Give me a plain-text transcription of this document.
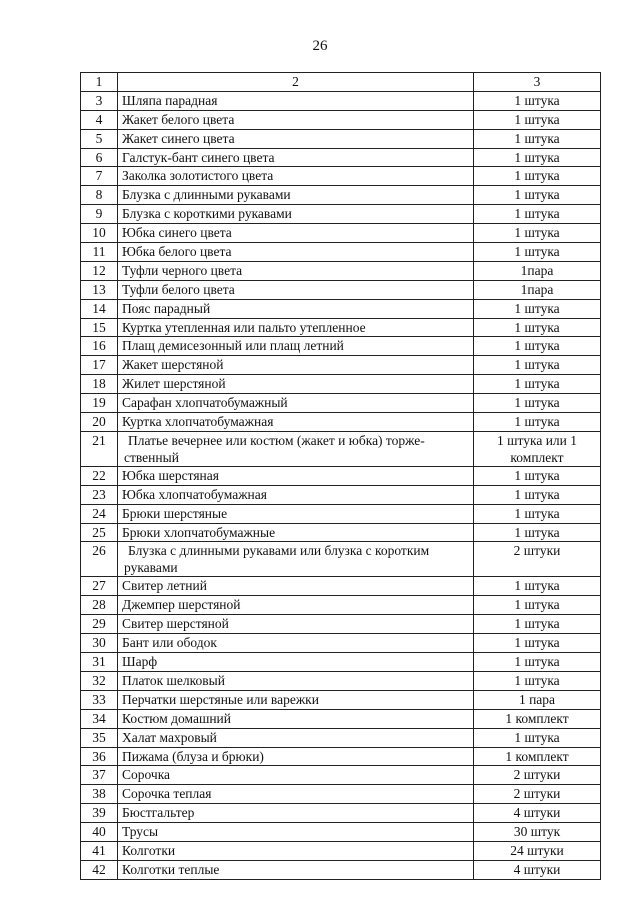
26
1	2	3
3	Шляпа парадная	1 штука
4	Жакет белого цвета	1 штука
5	Жакет синего цвета	1 штука
6	Галстук-бант синего цвета	1 штука
7	Заколка золотистого цвета	1 штука
8	Блузка с длинными рукавами	1 штука
9	Блузка с короткими рукавами	1 штука
10	Юбка синего цвета	1 штука
11	Юбка белого цвета	1 штука
12	Туфли черного цвета	1пара
13	Туфли белого цвета	1пара
14	Пояс парадный	1 штука
15	Куртка утепленная или пальто утепленное	1 штука
16	Плащ демисезонный или плащ летний	1 штука
17	Жакет шерстяной	1 штука
18	Жилет шерстяной	1 штука
19	Сарафан хлопчатобумажный	1 штука
20	Куртка хлопчатобумажная	1 штука
21	Платье вечернее или костюм (жакет и юбка) торже-ственный	1 штука или 1 комплект
22	Юбка шерстяная	1 штука
23	Юбка хлопчатобумажная	1 штука
24	Брюки шерстяные	1 штука
25	Брюки хлопчатобумажные	1 штука
26	Блузка с длинными рукавами или блузка с коротким рукавами	2 штуки
27	Свитер летний	1 штука
28	Джемпер шерстяной	1 штука
29	Свитер шерстяной	1 штука
30	Бант или ободок	1 штука
31	Шарф	1 штука
32	Платок шелковый	1 штука
33	Перчатки шерстяные или варежки	1 пара
34	Костюм домашний	1 комплект
35	Халат махровый	1 штука
36	Пижама (блуза и брюки)	1 комплект
37	Сорочка	2 штуки
38	Сорочка теплая	2 штуки
39	Бюстгальтер	4 штуки
40	Трусы	30 штук
41	Колготки	24 штуки
42	Колготки теплые	4 штуки
